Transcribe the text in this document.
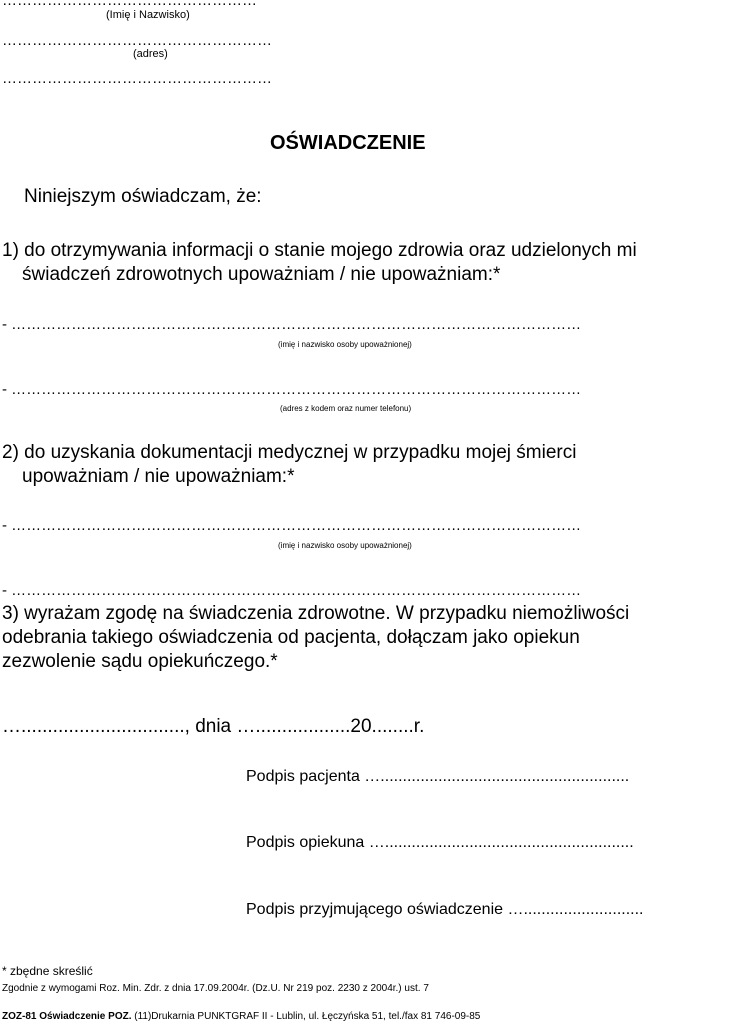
……………………………………………
(Imię i Nazwisko)
………………………………………………
(adres)
………………………………………………
OŚWIADCZENIE
Niniejszym oświadczam, że:
1) do otrzymywania informacji o stanie mojego zdrowia oraz udzielonych mi
świadczeń zdrowotnych upoważniam / nie upoważniam:*
- ……………………………………………………………………………………………………
(imię i nazwisko osoby upoważnionej)
- ……………………………………………………………………………………………………
(adres z kodem oraz numer telefonu)
2) do uzyskania dokumentacji medycznej w przypadku mojej śmierci
upoważniam / nie upoważniam:*
- ……………………………………………………………………………………………………
(imię i nazwisko osoby upoważnionej)
- ……………………………………………………………………………………………………
3) wyrażam zgodę na świadczenia zdrowotne. W przypadku niemożliwości
odebrania takiego oświadczenia od pacjenta, dołączam jako opiekun
zezwolenie sądu opiekuńczego.*
…..............................., dnia …..................20........r.
Podpis pacjenta …........................................................
Podpis opiekuna …........................................................
Podpis przyjmującego oświadczenie …...........................
* zbędne skreślić
Zgodnie z wymogami Roz. Min. Zdr. z dnia 17.09.2004r. (Dz.U. Nr 219 poz. 2230 z 2004r.) ust. 7
ZOZ-81 Oświadczenie POZ. (11)Drukarnia PUNKTGRAF II - Lublin, ul. Łęczyńska 51, tel./fax 81 746-09-85
